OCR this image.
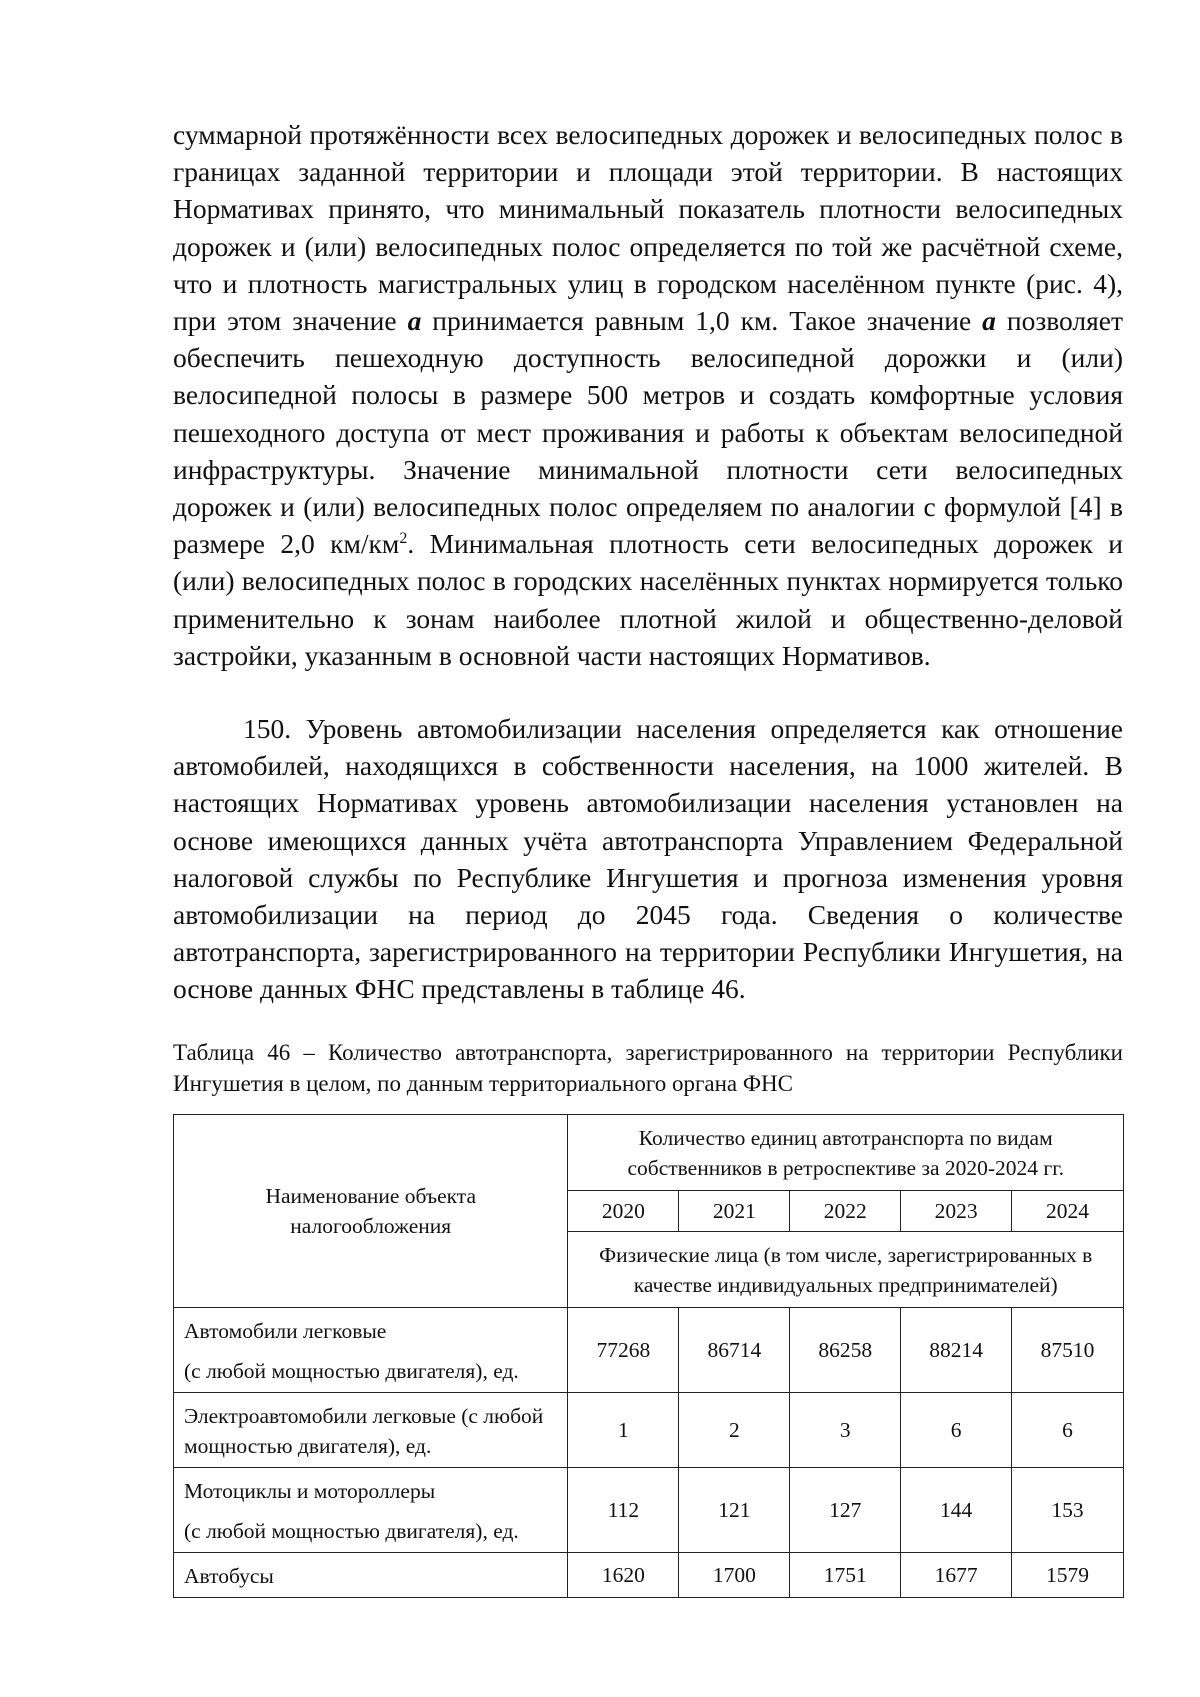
суммарной протяжённости всех велосипедных дорожек и велосипедных полос в границах заданной территории и площади этой территории. В настоящих Нормативах принято, что минимальный показатель плотности велосипедных дорожек и (или) велосипедных полос определяется по той же расчётной схеме, что и плотность магистральных улиц в городском населённом пункте (рис. 4), при этом значение a принимается равным 1,0 км. Такое значение a позволяет обеспечить пешеходную доступность велосипедной дорожки и (или) велосипедной полосы в размере 500 метров и создать комфортные условия пешеходного доступа от мест проживания и работы к объектам велосипедной инфраструктуры. Значение минимальной плотности сети велосипедных дорожек и (или) велосипедных полос определяем по аналогии с формулой [4] в размере 2,0 $км/км^2$. Минимальная плотность сети велосипедных дорожек и (или) велосипедных полос в городских населённых пунктах нормируется только применительно к зонам наиболее плотной жилой и общественно-деловой застройки, указанным в основной части настоящих Нормативов.

150. Уровень автомобилизации населения определяется как отношение автомобилей, находящихся в собственности населения, на 1000 жителей. В настоящих Нормативах уровень автомобилизации населения установлен на основе имеющихся данных учёта автотранспорта Управлением Федеральной налоговой службы по Республике Ингушетия и прогноза изменения уровня автомобилизации на период до 2045 года. Сведения о количестве автотранспорта, зарегистрированного на территории Республики Ингушетия, на основе данных ФНС представлены в таблице 46.

Таблица 46 – Количество автотранспорта, зарегистрированного на территории Республики Ингушетия в целом, по данным территориального органа ФНС

Наименование объекта налогообложения	Количество единиц автотранспорта по видам собственников в ретроспективе за 2020-2024 гг.				
	2020	2021	2022	2023	2024
	Физические лица (в том числе, зарегистрированных в качестве индивидуальных предпринимателей)				

Автомобили легковые
(с любой мощностью двигателя), ед.	77268	86714	86258	88214	87510
Электроавтомобили легковые (с любой мощностью двигателя), ед.	1	2	3	6	6

Мотоциклы и мотороллеры
(с любой мощностью двигателя), ед.	112	121	127	144	153
Автобусы	1620	1700	1751	1677	1579
